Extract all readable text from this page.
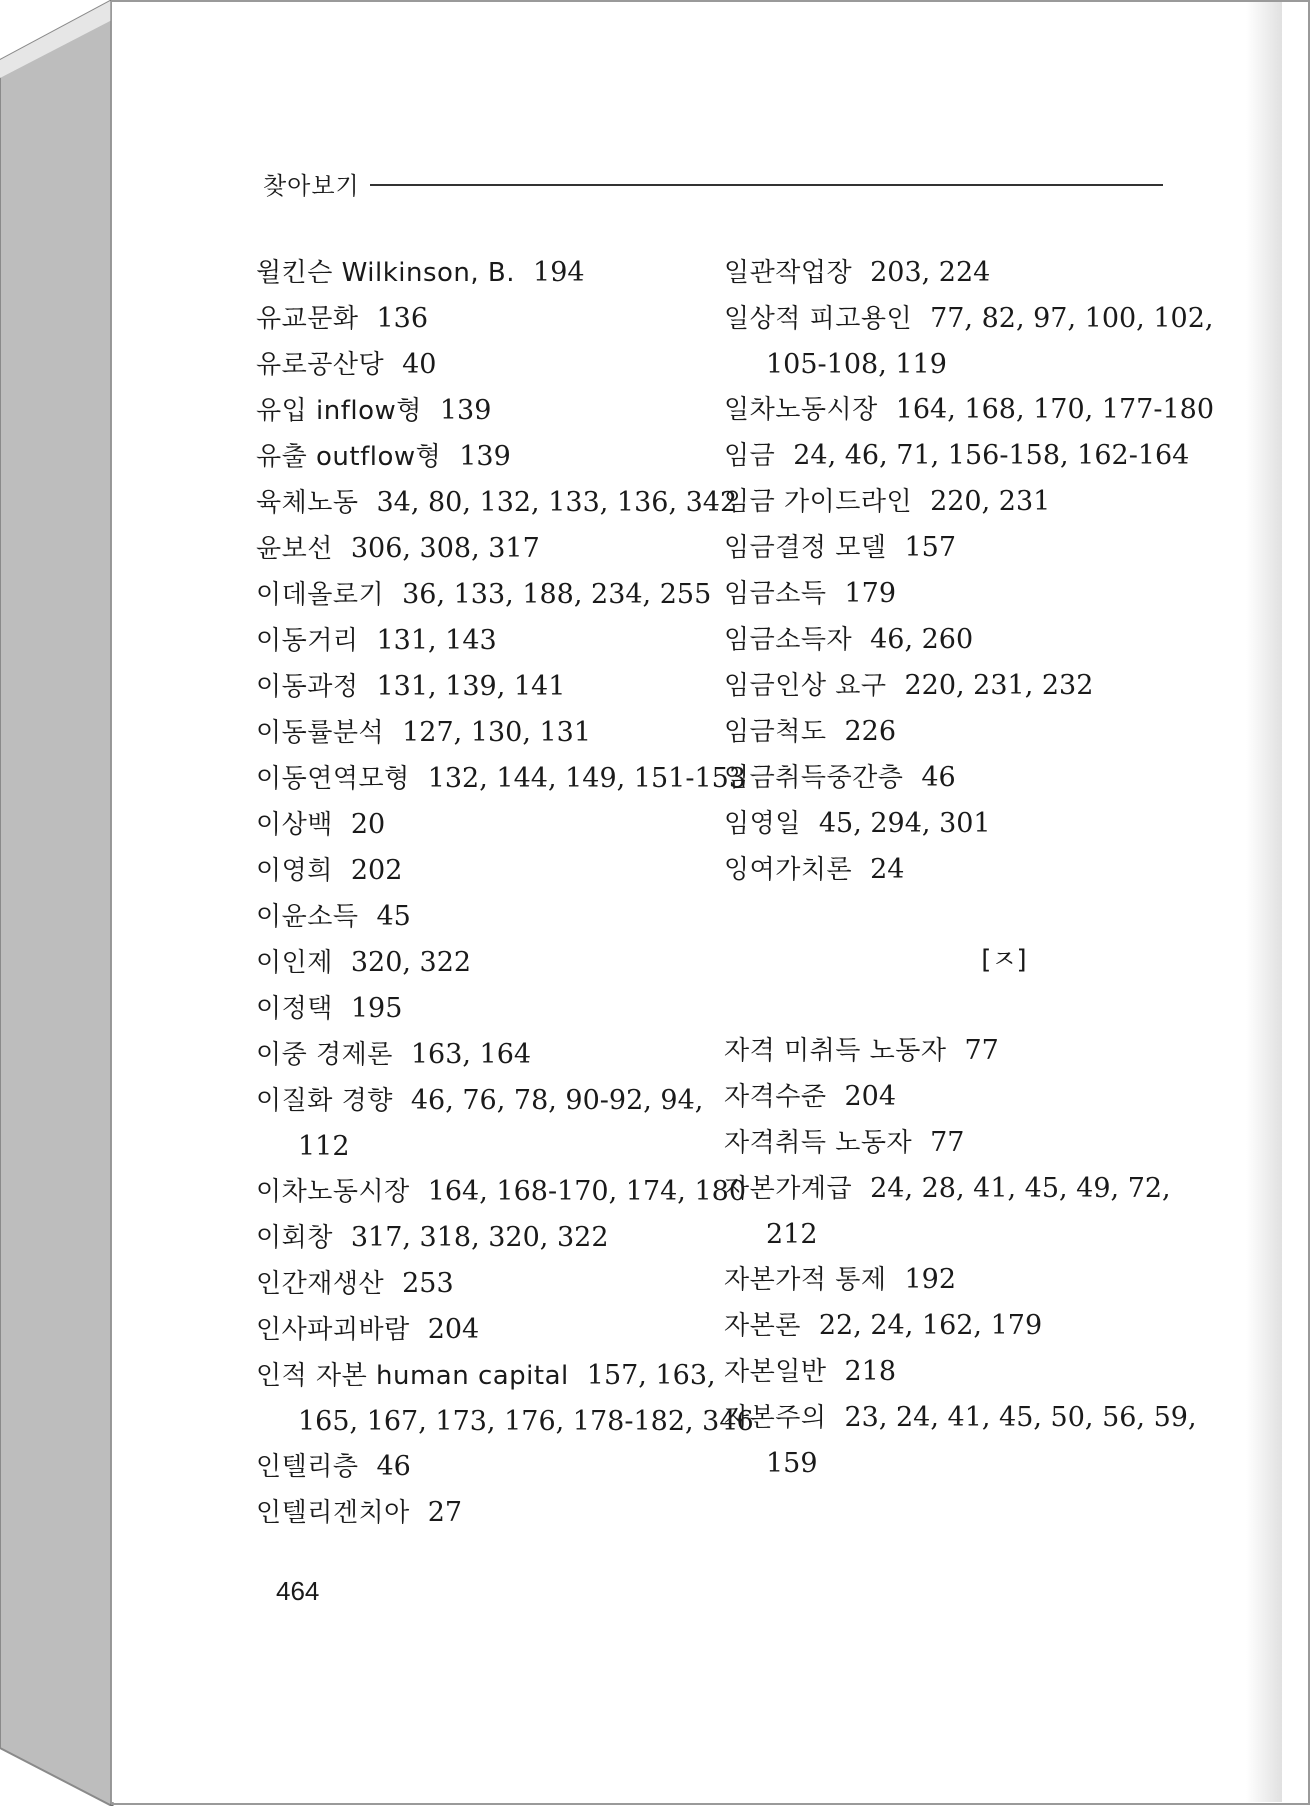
찾아보기
윌킨슨 Wilkinson, B. 194
유교문화 136
유로공산당 40
유입 inflow형 139
유출 outflow형 139
육체노동 34, 80, 132, 133, 136, 342
윤보선 306, 308, 317
이데올로기 36, 133, 188, 234, 255
이동거리 131, 143
이동과정 131, 139, 141
이동률분석 127, 130, 131
이동연역모형 132, 144, 149, 151-153
이상백 20
이영희 202
이윤소득 45
이인제 320, 322
이정택 195
이중 경제론 163, 164
이질화 경향 46, 76, 78, 90-92, 94,
112
이차노동시장 164, 168-170, 174, 180
이회창 317, 318, 320, 322
인간재생산 253
인사파괴바람 204
인적 자본 human capital 157, 163,
165, 167, 173, 176, 178-182, 346
인텔리층 46
인텔리겐치아 27
일관작업장 203, 224
일상적 피고용인 77, 82, 97, 100, 102,
105-108, 119
일차노동시장 164, 168, 170, 177-180
임금 24, 46, 71, 156-158, 162-164
임금 가이드라인 220, 231
임금결정 모델 157
임금소득 179
임금소득자 46, 260
임금인상 요구 220, 231, 232
임금척도 226
임금취득중간층 46
임영일 45, 294, 301
잉여가치론 24
[ㅈ]
자격 미취득 노동자 77
자격수준 204
자격취득 노동자 77
자본가계급 24, 28, 41, 45, 49, 72,
212
자본가적 통제 192
자본론 22, 24, 162, 179
자본일반 218
자본주의 23, 24, 41, 45, 50, 56, 59,
159
464
